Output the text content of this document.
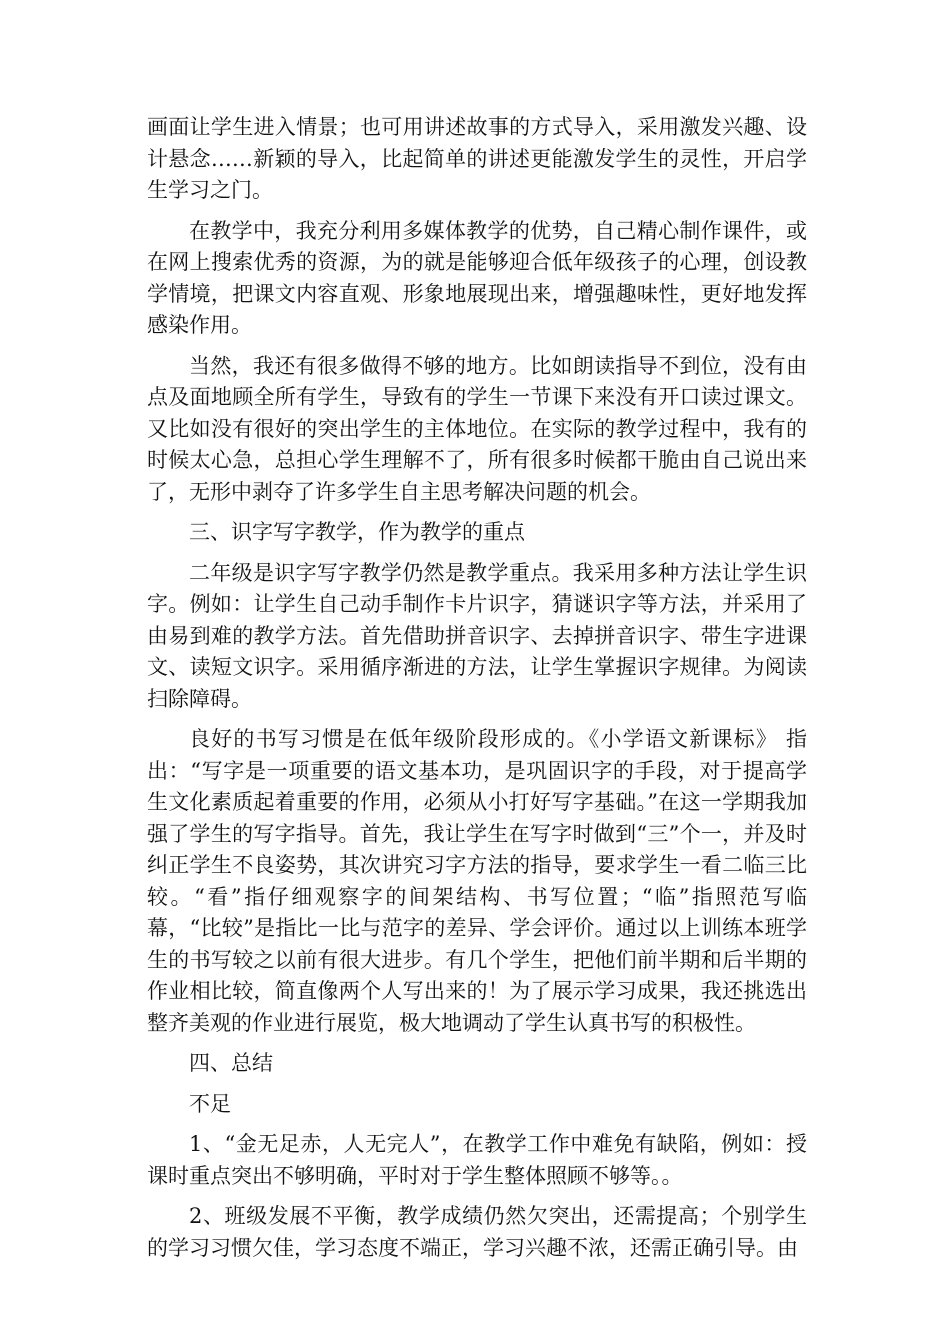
画面让学生进入情景；也可用讲述故事的方式导入，采用激发兴趣、设计悬念……新颖的导入，比起简单的讲述更能激发学生的灵性，开启学生学习之门。

在教学中，我充分利用多媒体教学的优势，自己精心制作课件，或在网上搜索优秀的资源，为的就是能够迎合低年级孩子的心理，创设教学情境，把课文内容直观、形象地展现出来，增强趣味性，更好地发挥感染作用。

当然，我还有很多做得不够的地方。比如朗读指导不到位，没有由点及面地顾全所有学生，导致有的学生一节课下来没有开口读过课文。又比如没有很好的突出学生的主体地位。在实际的教学过程中，我有的时候太心急，总担心学生理解不了，所有很多时候都干脆由自己说出来了，无形中剥夺了许多学生自主思考解决问题的机会。

三、识字写字教学，作为教学的重点

二年级是识字写字教学仍然是教学重点。我采用多种方法让学生识字。例如：让学生自己动手制作卡片识字，猜谜识字等方法，并采用了由易到难的教学方法。首先借助拼音识字、去掉拼音识字、带生字进课文、读短文识字。采用循序渐进的方法，让学生掌握识字规律。为阅读扫除障碍。

良好的书写习惯是在低年级阶段形成的。《小学语文新课标》 指出：“写字是一项重要的语文基本功，是巩固识字的手段，对于提高学生文化素质起着重要的作用，必须从小打好写字基础。”在这一学期我加强了学生的写字指导。首先，我让学生在写字时做到“三”个一，并及时纠正学生不良姿势，其次讲究习字方法的指导，要求学生一看二临三比较。“看”指仔细观察字的间架结构、书写位置；“临”指照范写临幕，“比较”是指比一比与范字的差异、学会评价。通过以上训练本班学生的书写较之以前有很大进步。有几个学生，把他们前半期和后半期的作业相比较，简直像两个人写出来的！为了展示学习成果，我还挑选出整齐美观的作业进行展览，极大地调动了学生认真书写的积极性。

四、总结

不足

1、“金无足赤，人无完人”，在教学工作中难免有缺陷，例如：授课时重点突出不够明确，平时对于学生整体照顾不够等。。

2、班级发展不平衡，教学成绩仍然欠突出，还需提高；个别学生的学习习惯欠佳，学习态度不端正，学习兴趣不浓，还需正确引导。由
